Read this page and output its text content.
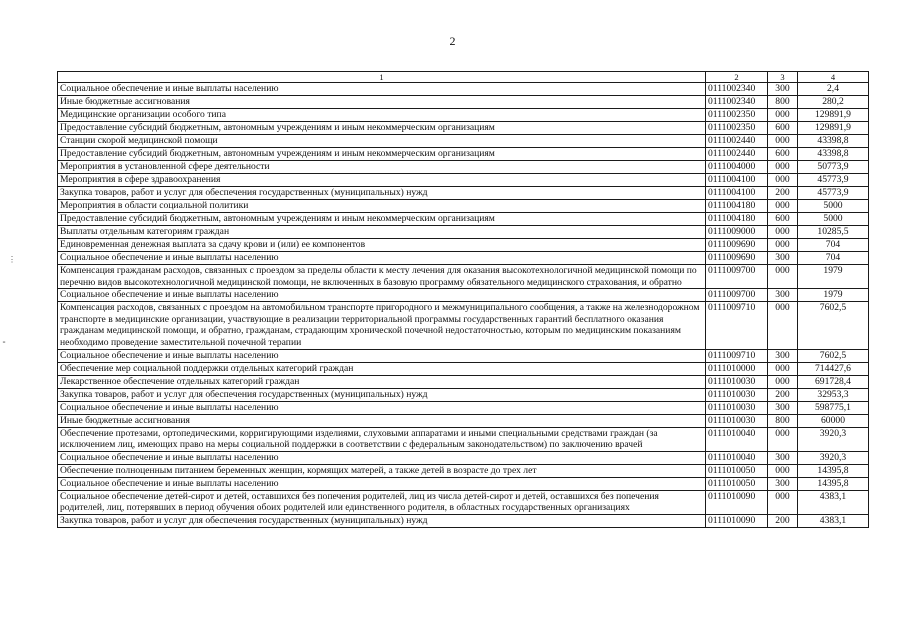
2
⋮
⁃
1	2	3	4
Социальное обеспечение и иные выплаты населению	0111002340	300	2,4
Иные бюджетные ассигнования	0111002340	800	280,2
Медицинские организации особого типа	0111002350	000	129891,9
Предоставление субсидий бюджетным, автономным учреждениям и иным некоммерческим организациям	0111002350	600	129891,9
Станции скорой медицинской помощи	0111002440	000	43398,8
Предоставление субсидий бюджетным, автономным учреждениям и иным некоммерческим организациям	0111002440	600	43398,8
Мероприятия в установленной сфере деятельности	0111004000	000	50773,9
Мероприятия в сфере здравоохранения	0111004100	000	45773,9
Закупка товаров, работ и услуг для обеспечения государственных (муниципальных) нужд	0111004100	200	45773,9
Мероприятия в области социальной политики	0111004180	000	5000
Предоставление субсидий бюджетным, автономным учреждениям и иным некоммерческим организациям	0111004180	600	5000
Выплаты отдельным категориям граждан	0111009000	000	10285,5
Единовременная денежная выплата за сдачу крови и (или) ее компонентов	0111009690	000	704
Социальное обеспечение и иные выплаты населению	0111009690	300	704
Компенсация гражданам расходов, связанных с проездом за пределы области к месту лечения для оказания высокотехнологичной медицинской помощи по перечню видов высокотехнологичной медицинской помощи, не включенных в базовую программу обязательного медицинского страхования, и обратно	0111009700	000	1979
Социальное обеспечение и иные выплаты населению	0111009700	300	1979
Компенсация расходов, связанных с проездом на автомобильном транспорте пригородного и межмуниципального сообщения, а также на железнодорожном транспорте в медицинские организации, участвующие в реализации территориальной программы государственных гарантий бесплатного оказания гражданам медицинской помощи, и обратно, гражданам, страдающим хронической почечной недостаточностью, которым по медицинским показаниям необходимо проведение заместительной почечной терапии	0111009710	000	7602,5
Социальное обеспечение и иные выплаты населению	0111009710	300	7602,5
Обеспечение мер социальной поддержки отдельных категорий граждан	0111010000	000	714427,6
Лекарственное обеспечение отдельных категорий граждан	0111010030	000	691728,4
Закупка товаров, работ и услуг для обеспечения государственных (муниципальных) нужд	0111010030	200	32953,3
Социальное обеспечение и иные выплаты населению	0111010030	300	598775,1
Иные бюджетные ассигнования	0111010030	800	60000
Обеспечение протезами, ортопедическими, корригирующими изделиями, слуховыми аппаратами и иными специальными средствами граждан (за исключением лиц, имеющих право на меры социальной поддержки в соответствии с федеральным законодательством) по заключению врачей	0111010040	000	3920,3
Социальное обеспечение и иные выплаты населению	0111010040	300	3920,3
Обеспечение полноценным питанием беременных женщин, кормящих матерей, а также детей в возрасте до трех лет	0111010050	000	14395,8
Социальное обеспечение и иные выплаты населению	0111010050	300	14395,8
Социальное обеспечение детей-сирот и детей, оставшихся без попечения родителей, лиц из числа детей-сирот и детей, оставшихся без попечения родителей, лиц, потерявших в период обучения обоих родителей или единственного родителя, в областных государственных организациях	0111010090	000	4383,1
Закупка товаров, работ и услуг для обеспечения государственных (муниципальных) нужд	0111010090	200	4383,1
